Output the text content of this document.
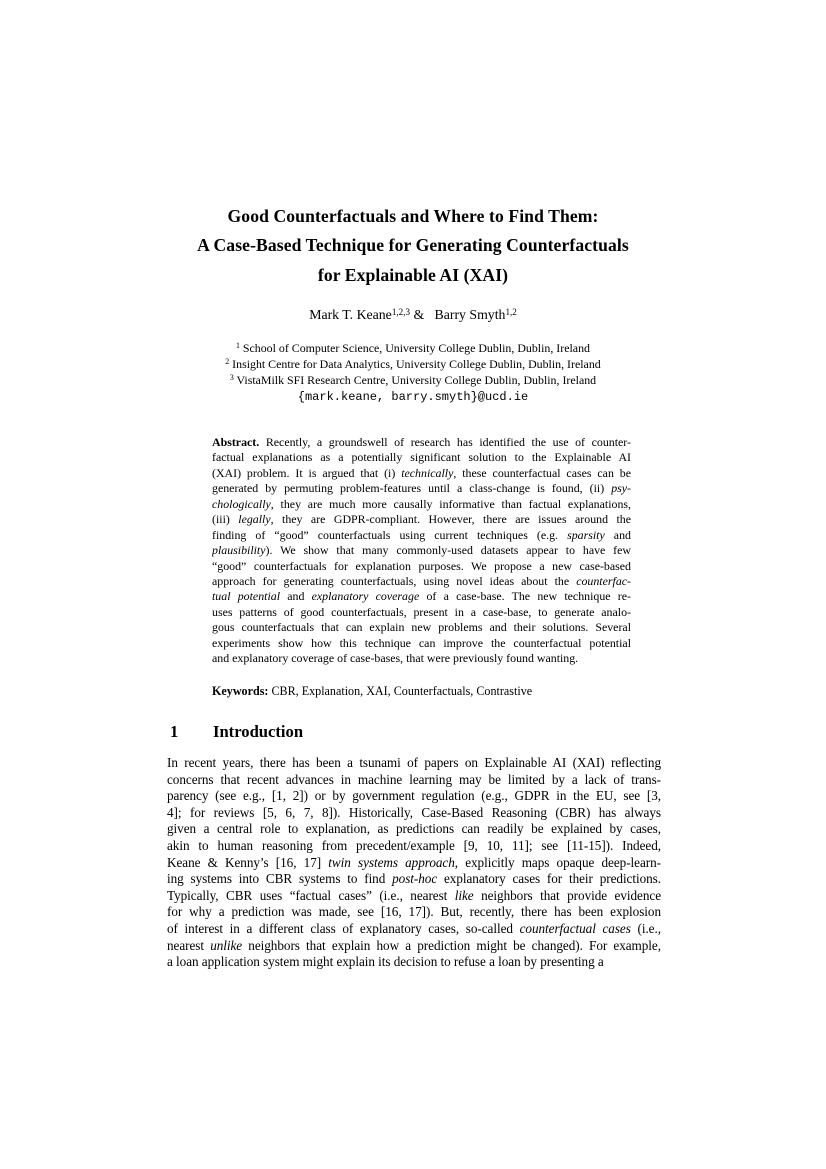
Good Counterfactuals and Where to Find Them:
A Case-Based Technique for Generating Counterfactuals
for Explainable AI (XAI)
Mark T. Keane$^{1,2,3}$ &   Barry Smyth$^{1,2}$
$^1$ School of Computer Science, University College Dublin, Dublin, Ireland
$^2$ Insight Centre for Data Analytics, University College Dublin, Dublin, Ireland
$^3$ VistaMilk SFI Research Centre, University College Dublin, Dublin, Ireland
{mark.keane, barry.smyth}@ucd.ie
Abstract. Recently, a groundswell of research has identified the use of counter-
factual explanations as a potentially significant solution to the Explainable AI
(XAI) problem. It is argued that (i) technically, these counterfactual cases can be
generated by permuting problem-features until a class-change is found, (ii) psy-
chologically, they are much more causally informative than factual explanations,
(iii) legally, they are GDPR-compliant. However, there are issues around the
finding of “good” counterfactuals using current techniques (e.g. sparsity and
plausibility). We show that many commonly-used datasets appear to have few
“good” counterfactuals for explanation purposes. We propose a new case-based
approach for generating counterfactuals, using novel ideas about the counterfac-
tual potential and explanatory coverage of a case-base. The new technique re-
uses patterns of good counterfactuals, present in a case-base, to generate analo-
gous counterfactuals that can explain new problems and their solutions. Several
experiments show how this technique can improve the counterfactual potential
and explanatory coverage of case-bases, that were previously found wanting.
Keywords: CBR, Explanation, XAI, Counterfactuals, Contrastive
1 Introduction
In recent years, there has been a tsunami of papers on Explainable AI (XAI) reflecting
concerns that recent advances in machine learning may be limited by a lack of trans-
parency (see e.g., [1, 2]) or by government regulation (e.g., GDPR in the EU, see [3,
4]; for reviews [5, 6, 7, 8]). Historically, Case-Based Reasoning (CBR) has always
given a central role to explanation, as predictions can readily be explained by cases,
akin to human reasoning from precedent/example [9, 10, 11]; see [11-15]). Indeed,
Keane & Kenny’s [16, 17] twin systems approach, explicitly maps opaque deep-learn-
ing systems into CBR systems to find post-hoc explanatory cases for their predictions.
Typically, CBR uses “factual cases” (i.e., nearest like neighbors that provide evidence
for why a prediction was made, see [16, 17]). But, recently, there has been explosion
of interest in a different class of explanatory cases, so-called counterfactual cases (i.e.,
nearest unlike neighbors that explain how a prediction might be changed). For example,
a loan application system might explain its decision to refuse a loan by presenting a
